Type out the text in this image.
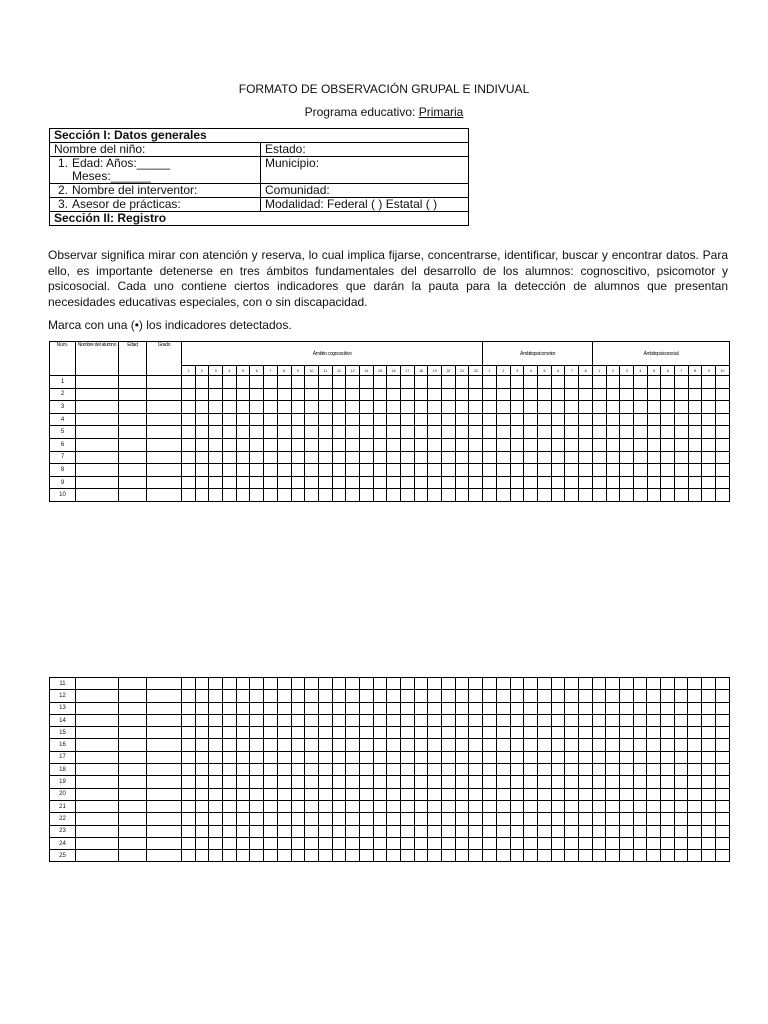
FORMATO DE OBSERVACIÓN GRUPAL E INDIVUAL
Programa educativo: Primaria
Sección I: Datos generales	
Nombre del niño:	Estado:
1. Edad: Años:_____
Meses:______	Municipio:
2. Nombre del interventor:	Comunidad:
3. Asesor de prácticas:	Modalidad: Federal ( ) Estatal ( )
Sección II: Registro	
Observar significa mirar con atención y reserva, lo cual implica fijarse, concentrarse, identificar, buscar y encontrar datos. Para ello, es importante detenerse en tres ámbitos fundamentales del desarrollo de los alumnos: cognoscitivo, psicomotor y psicosocial. Cada uno contiene ciertos indicadores que darán la pauta para la detección de alumnos que presentan necesidades educativas especiales, con o sin discapacidad.
Marca con una (•) los indicadores detectados.
Núm.	Nombre del alumno	Edad	Grado	Ámbito cognoscitivo																						Ámbitopsicomotor								Ámbitopsicosocial									
				1	2	3	4	5	6	7	8	9	10	11	12	13	14	15	16	17	18	19	20	21	22	1	2	3	4	5	6	7	8	1	2	3	4	5	6	7	8	9	10
1																																											
2																																											
3																																											
4																																											
5																																											
6																																											
7																																											
8																																											
9																																											
10																																											
11																																											
12																																											
13																																											
14																																											
15																																											
16																																											
17																																											
18																																											
19																																											
20																																											
21																																											
22																																											
23																																											
24																																											
25																																											
